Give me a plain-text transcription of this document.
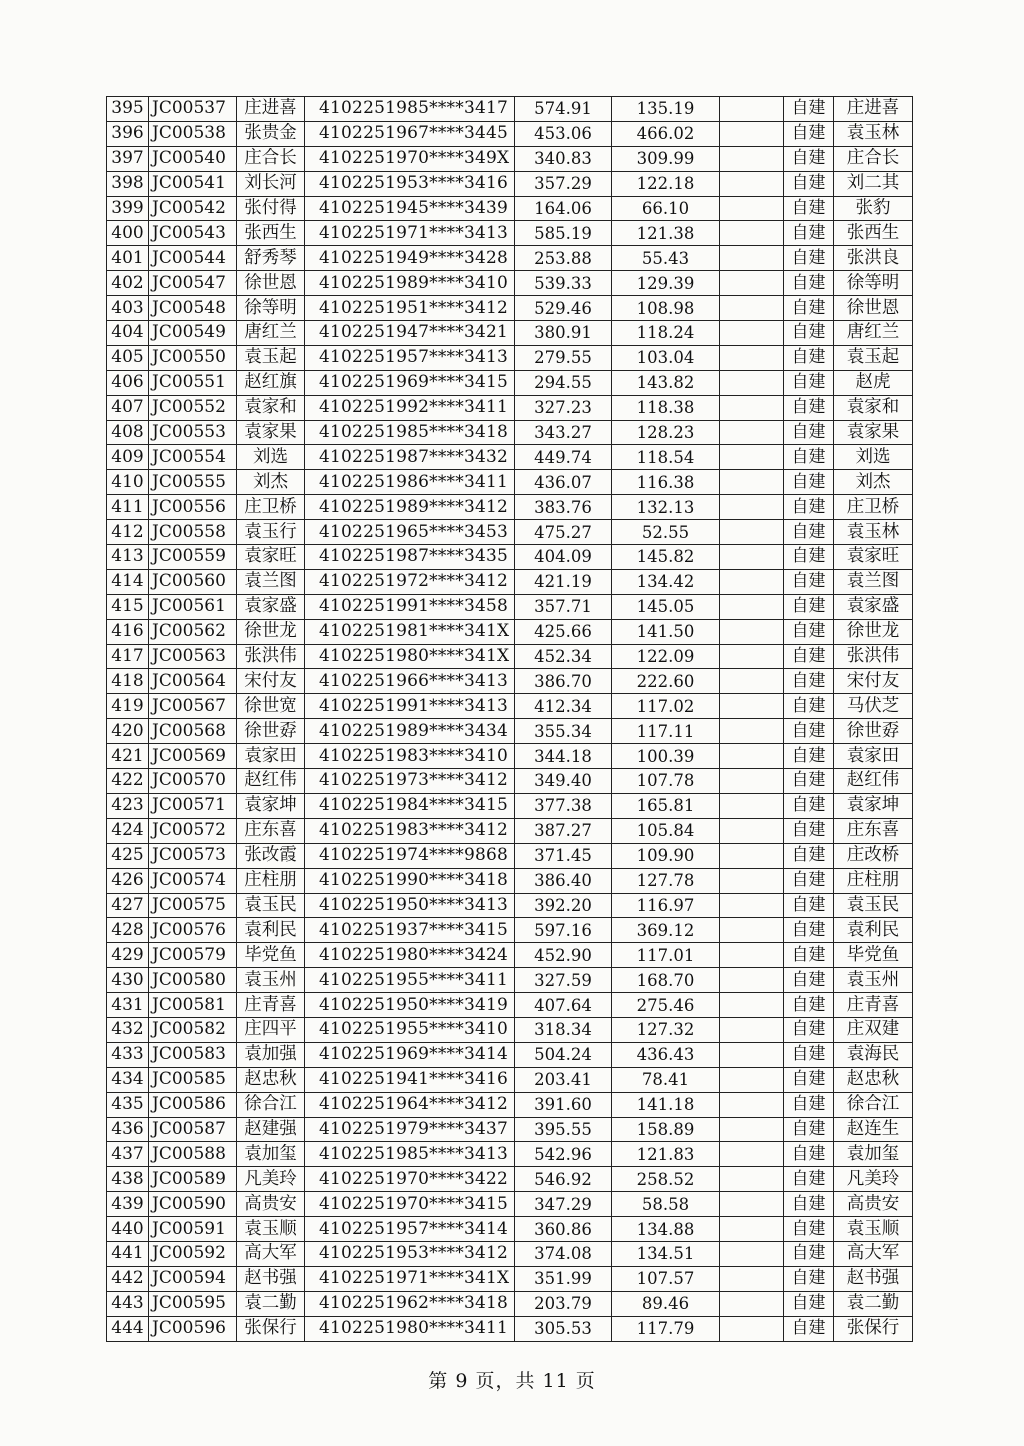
395	JC00537	庄进喜	4102251985****3417	574.91	135.19		自建	庄进喜
396	JC00538	张贵金	4102251967****3445	453.06	466.02		自建	袁玉林
397	JC00540	庄合长	4102251970****349X	340.83	309.99		自建	庄合长
398	JC00541	刘长河	4102251953****3416	357.29	122.18		自建	刘二其
399	JC00542	张付得	4102251945****3439	164.06	66.10		自建	张豹
400	JC00543	张西生	4102251971****3413	585.19	121.38		自建	张西生
401	JC00544	舒秀琴	4102251949****3428	253.88	55.43		自建	张洪良
402	JC00547	徐世恩	4102251989****3410	539.33	129.39		自建	徐等明
403	JC00548	徐等明	4102251951****3412	529.46	108.98		自建	徐世恩
404	JC00549	唐红兰	4102251947****3421	380.91	118.24		自建	唐红兰
405	JC00550	袁玉起	4102251957****3413	279.55	103.04		自建	袁玉起
406	JC00551	赵红旗	4102251969****3415	294.55	143.82		自建	赵虎
407	JC00552	袁家和	4102251992****3411	327.23	118.38		自建	袁家和
408	JC00553	袁家果	4102251985****3418	343.27	128.23		自建	袁家果
409	JC00554	刘选	4102251987****3432	449.74	118.54		自建	刘选
410	JC00555	刘杰	4102251986****3411	436.07	116.38		自建	刘杰
411	JC00556	庄卫桥	4102251989****3412	383.76	132.13		自建	庄卫桥
412	JC00558	袁玉行	4102251965****3453	475.27	52.55		自建	袁玉林
413	JC00559	袁家旺	4102251987****3435	404.09	145.82		自建	袁家旺
414	JC00560	袁兰图	4102251972****3412	421.19	134.42		自建	袁兰图
415	JC00561	袁家盛	4102251991****3458	357.71	145.05		自建	袁家盛
416	JC00562	徐世龙	4102251981****341X	425.66	141.50		自建	徐世龙
417	JC00563	张洪伟	4102251980****341X	452.34	122.09		自建	张洪伟
418	JC00564	宋付友	4102251966****3413	386.70	222.60		自建	宋付友
419	JC00567	徐世宽	4102251991****3413	412.34	117.02		自建	马伏芝
420	JC00568	徐世孬	4102251989****3434	355.34	117.11		自建	徐世孬
421	JC00569	袁家田	4102251983****3410	344.18	100.39		自建	袁家田
422	JC00570	赵红伟	4102251973****3412	349.40	107.78		自建	赵红伟
423	JC00571	袁家坤	4102251984****3415	377.38	165.81		自建	袁家坤
424	JC00572	庄东喜	4102251983****3412	387.27	105.84		自建	庄东喜
425	JC00573	张改霞	4102251974****9868	371.45	109.90		自建	庄改桥
426	JC00574	庄柱朋	4102251990****3418	386.40	127.78		自建	庄柱朋
427	JC00575	袁玉民	4102251950****3413	392.20	116.97		自建	袁玉民
428	JC00576	袁利民	4102251937****3415	597.16	369.12		自建	袁利民
429	JC00579	毕党鱼	4102251980****3424	452.90	117.01		自建	毕党鱼
430	JC00580	袁玉州	4102251955****3411	327.59	168.70		自建	袁玉州
431	JC00581	庄青喜	4102251950****3419	407.64	275.46		自建	庄青喜
432	JC00582	庄四平	4102251955****3410	318.34	127.32		自建	庄双建
433	JC00583	袁加强	4102251969****3414	504.24	436.43		自建	袁海民
434	JC00585	赵忠秋	4102251941****3416	203.41	78.41		自建	赵忠秋
435	JC00586	徐合江	4102251964****3412	391.60	141.18		自建	徐合江
436	JC00587	赵建强	4102251979****3437	395.55	158.89		自建	赵连生
437	JC00588	袁加玺	4102251985****3413	542.96	121.83		自建	袁加玺
438	JC00589	凡美玲	4102251970****3422	546.92	258.52		自建	凡美玲
439	JC00590	高贵安	4102251970****3415	347.29	58.58		自建	高贵安
440	JC00591	袁玉顺	4102251957****3414	360.86	134.88		自建	袁玉顺
441	JC00592	高大军	4102251953****3412	374.08	134.51		自建	高大军
442	JC00594	赵书强	4102251971****341X	351.99	107.57		自建	赵书强
443	JC00595	袁二勤	4102251962****3418	203.79	89.46		自建	袁二勤
444	JC00596	张保行	4102251980****3411	305.53	117.79		自建	张保行
第 9 页，共 11 页
